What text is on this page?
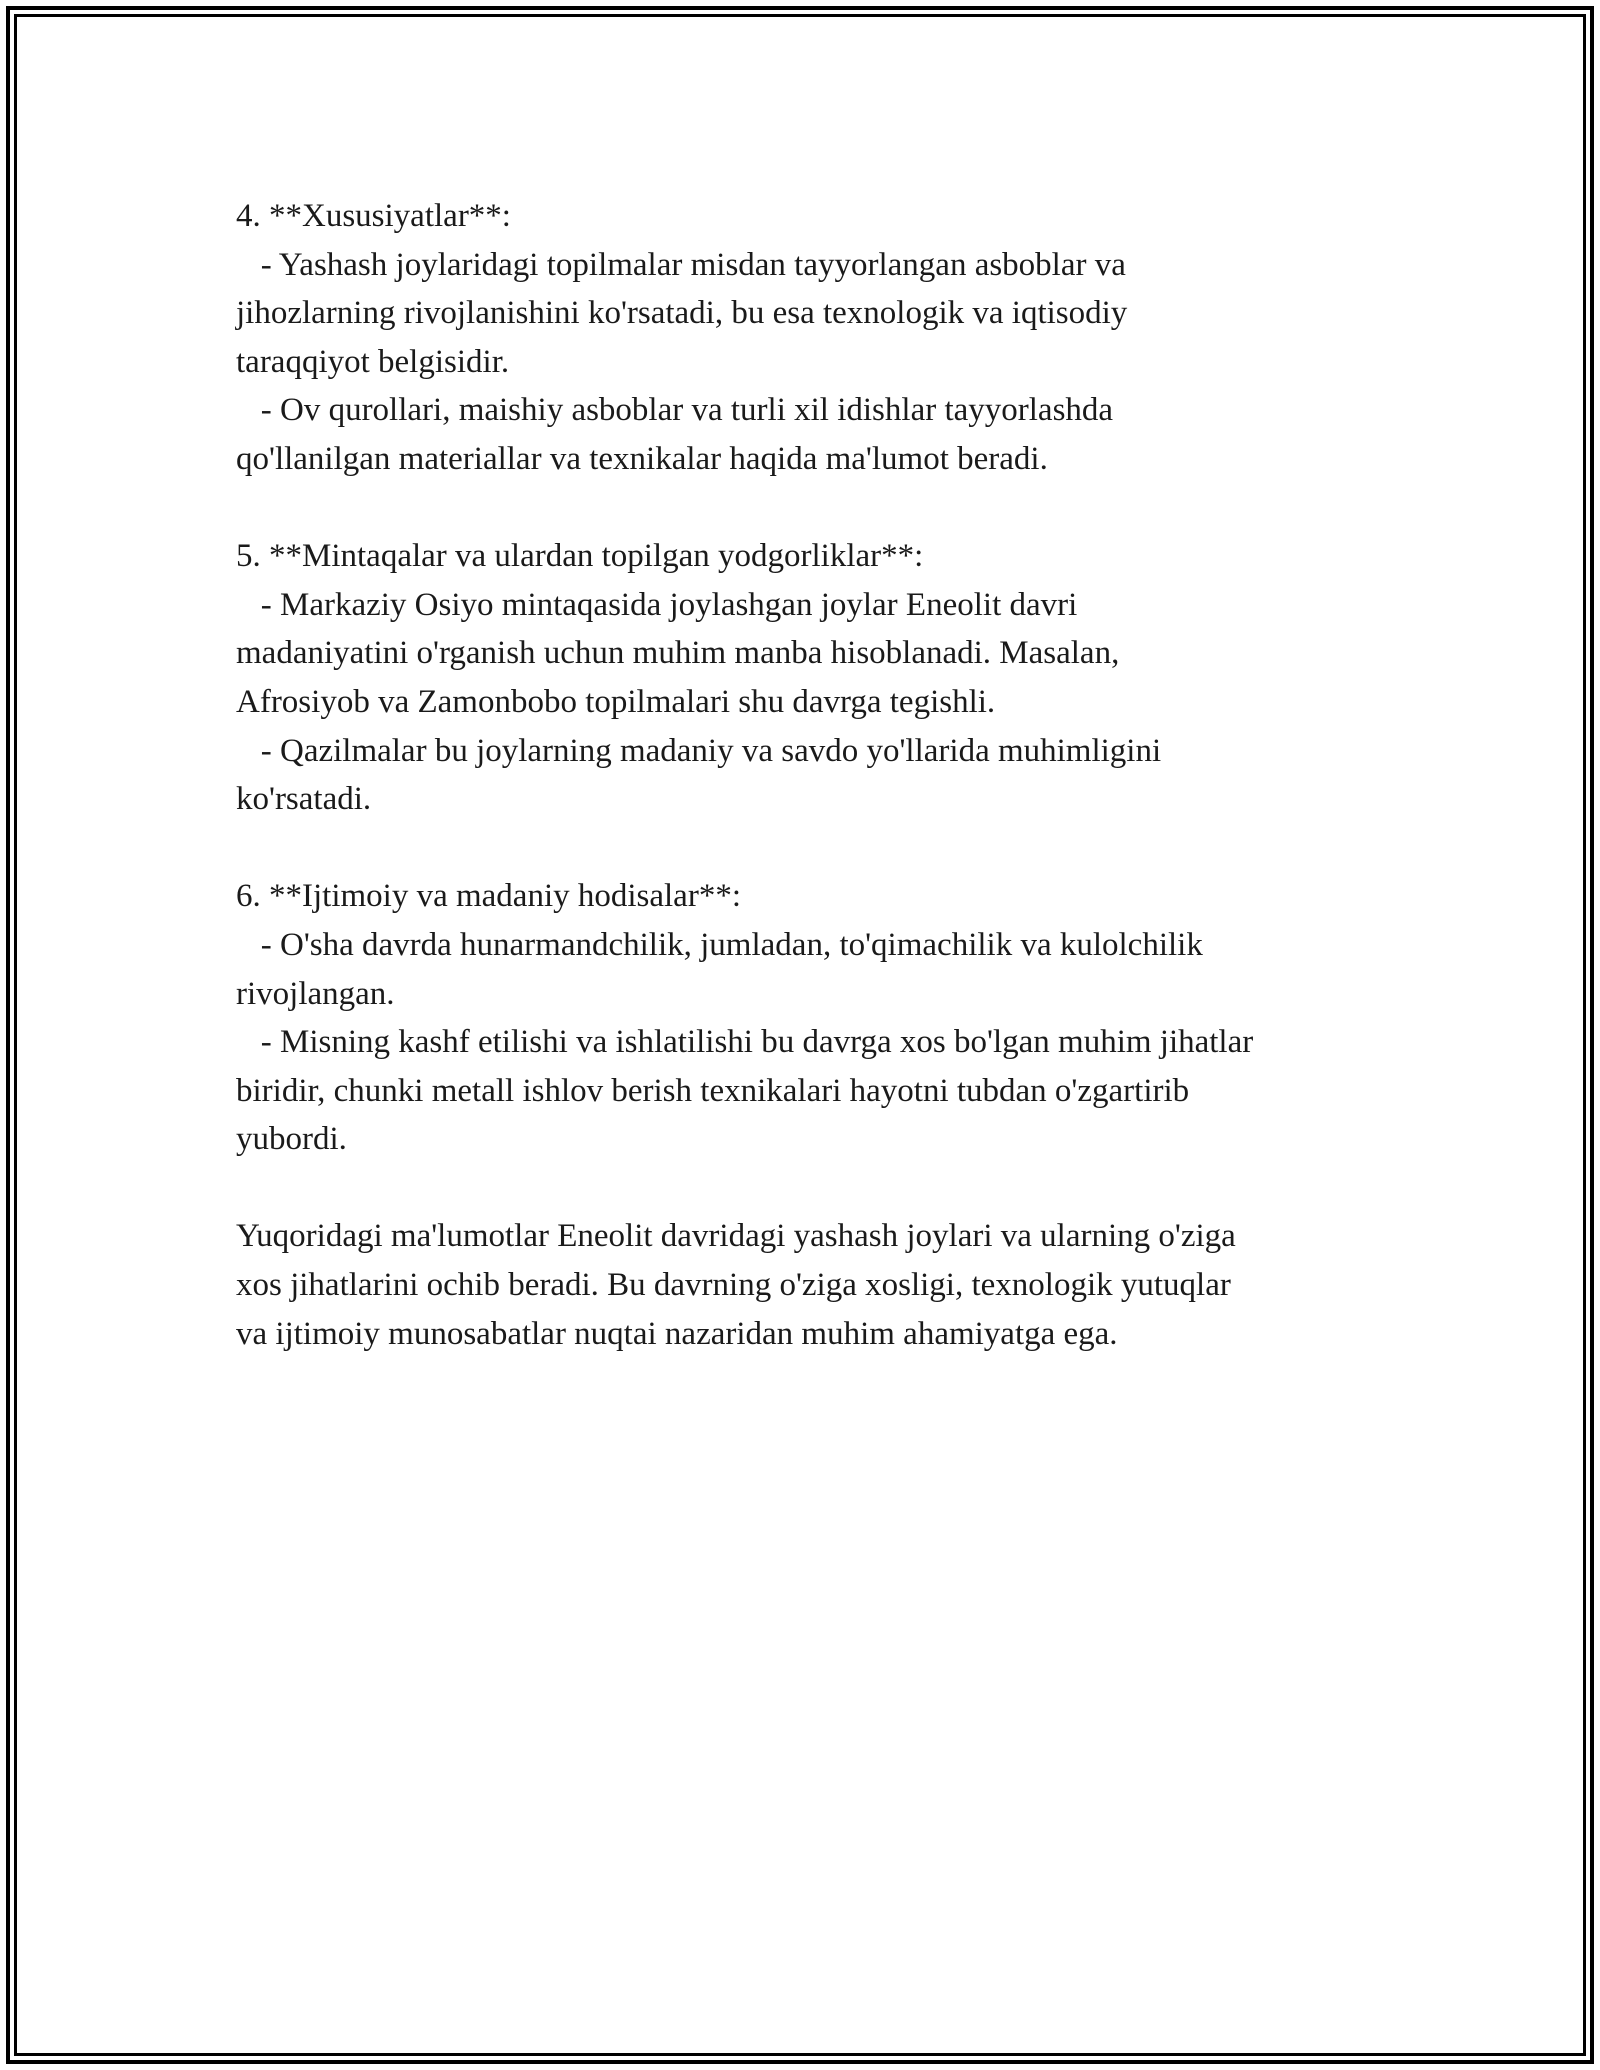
4. **Xususiyatlar**:

- Yashash joylaridagi topilmalar misdan tayyorlangan asboblar va

jihozlarning rivojlanishini ko'rsatadi, bu esa texnologik va iqtisodiy

taraqqiyot belgisidir.

- Ov qurollari, maishiy asboblar va turli xil idishlar tayyorlashda

qo'llanilgan materiallar va texnikalar haqida ma'lumot beradi.

5. **Mintaqalar va ulardan topilgan yodgorliklar**:

- Markaziy Osiyo mintaqasida joylashgan joylar Eneolit davri

madaniyatini o'rganish uchun muhim manba hisoblanadi. Masalan,

Afrosiyob va Zamonbobo topilmalari shu davrga tegishli.

- Qazilmalar bu joylarning madaniy va savdo yo'llarida muhimligini

ko'rsatadi.

6. **Ijtimoiy va madaniy hodisalar**:

- O'sha davrda hunarmandchilik, jumladan, to'qimachilik va kulolchilik

rivojlangan.

- Misning kashf etilishi va ishlatilishi bu davrga xos bo'lgan muhim jihatlar

biridir, chunki metall ishlov berish texnikalari hayotni tubdan o'zgartirib

yubordi.

Yuqoridagi ma'lumotlar Eneolit davridagi yashash joylari va ularning o'ziga

xos jihatlarini ochib beradi. Bu davrning o'ziga xosligi, texnologik yutuqlar

va ijtimoiy munosabatlar nuqtai nazaridan muhim ahamiyatga ega.
